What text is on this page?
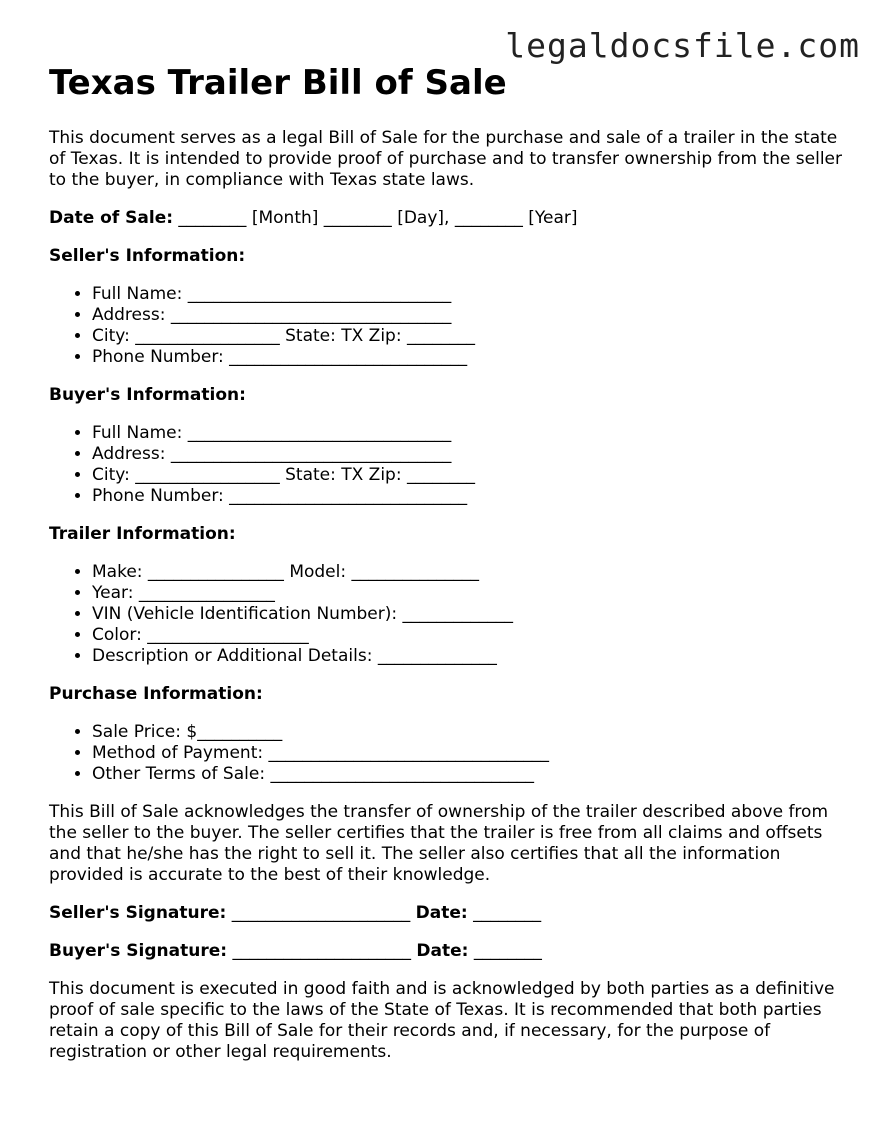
legaldocsfile.com
Texas Trailer Bill of Sale

This document serves as a legal Bill of Sale for the purchase and sale of a trailer in the state of Texas. It is intended to provide proof of purchase and to transfer ownership from the seller to the buyer, in compliance with Texas state laws.

Date of Sale: ________ [Month] ________ [Day], ________ [Year]

Seller's Information:

• Full Name: _______________________________
• Address: _________________________________
• City: _________________ State: TX Zip: ________
• Phone Number: ____________________________

Buyer's Information:

• Full Name: _______________________________
• Address: _________________________________
• City: _________________ State: TX Zip: ________
• Phone Number: ____________________________

Trailer Information:

• Make: ________________ Model: _______________
• Year: ________________
• VIN (Vehicle Identification Number): _____________
• Color: ___________________
• Description or Additional Details: ______________

Purchase Information:

• Sale Price: $__________
• Method of Payment: _________________________________
• Other Terms of Sale: _______________________________

This Bill of Sale acknowledges the transfer of ownership of the trailer described above from the seller to the buyer. The seller certifies that the trailer is free from all claims and offsets and that he/she has the right to sell it. The seller also certifies that all the information provided is accurate to the best of their knowledge.

Seller's Signature: _____________________ Date: ________

Buyer's Signature: _____________________ Date: ________

This document is executed in good faith and is acknowledged by both parties as a definitive proof of sale specific to the laws of the State of Texas. It is recommended that both parties retain a copy of this Bill of Sale for their records and, if necessary, for the purpose of registration or other legal requirements.
